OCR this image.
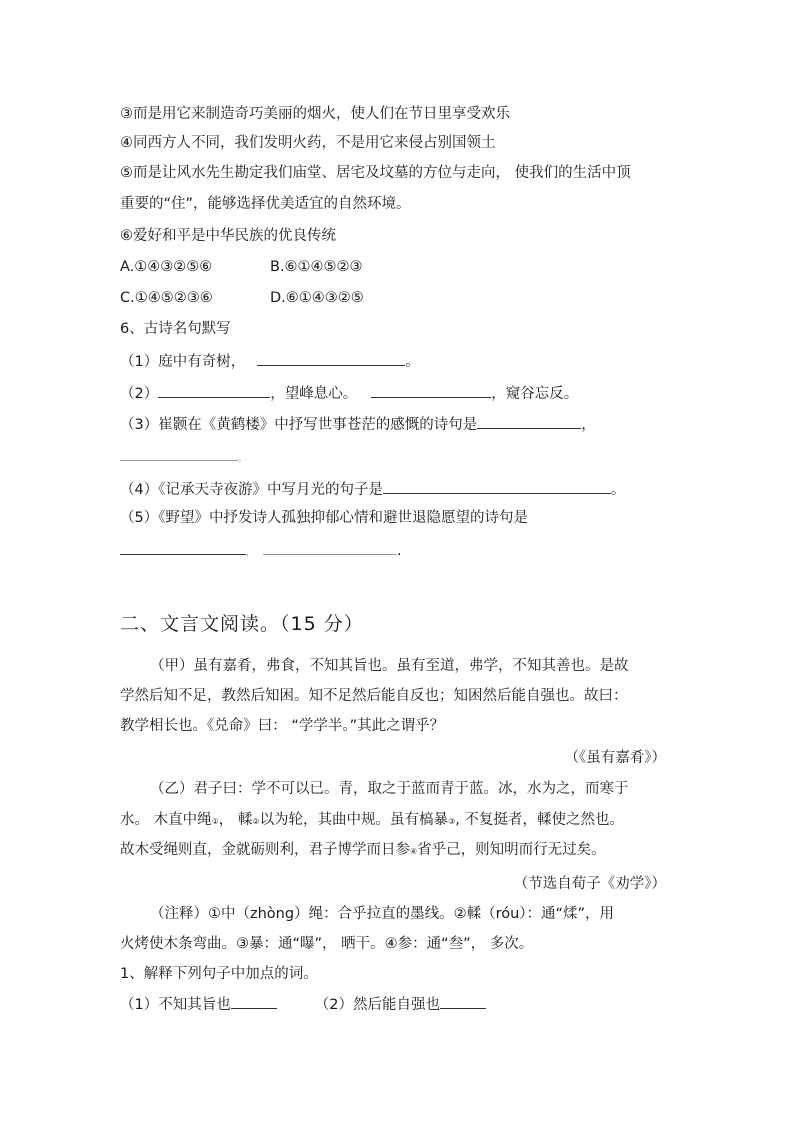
③而是用它来制造奇巧美丽的烟火，使人们在节日里享受欢乐
④同西方人不同，我们发明火药，不是用它来侵占别国领土
⑤而是让风水先生勘定我们庙堂、居宅及坟墓的方位与走向， 使我们的生活中顶
重要的“住”，能够选择优美适宜的自然环境。
⑥爱好和平是中华民族的优良传统
A.①④③②⑤⑥	B.⑥①④⑤②③
C.①④⑤②③⑥	D.⑥①④③②⑤
6、古诗名句默写
（1）庭中有奇树，	。
（2）	，望峰息心。	，窥谷忘反。
（3）崔颢在《黄鹤楼》中抒写世事苍茫的感慨的诗句是	，
。
（4）《记承天寺夜游》中写月光的句子是	。
（5）《野望》中抒发诗人孤独抑郁心情和避世退隐愿望的诗句是
，	.
二、文言文阅读。（15 分）
（甲）虽有嘉肴，弗食，不知其旨也。虽有至道，弗学，不知其善也。是故
学然后知不足，教然后知困。知不足然后能自反也；知困然后能自强也。故曰：
教学相长也。《兑命》曰： “学学半。”其此之谓乎？
（《虽有嘉肴》）
（乙）君子曰：学不可以已。青，取之于蓝而青于蓝。冰，水为之，而寒于
水。 木直中绳①， 輮②以为轮，其曲中规。虽有槁暴③, 不复挺者，輮使之然也。
故木受绳则直，金就砺则利，君子博学而日参④省乎己，则知明而行无过矣。
（节选自荀子《劝学》）
（注释）①中（zhòng）绳：合乎拉直的墨线。②輮（róu）：通“煣”，用
火烤使木条弯曲。③暴：通“曝”， 晒干。④参：通“叁”， 多次。
1、解释下列句子中加点的词。
（1）不知其旨也	（2）然后能自强也
